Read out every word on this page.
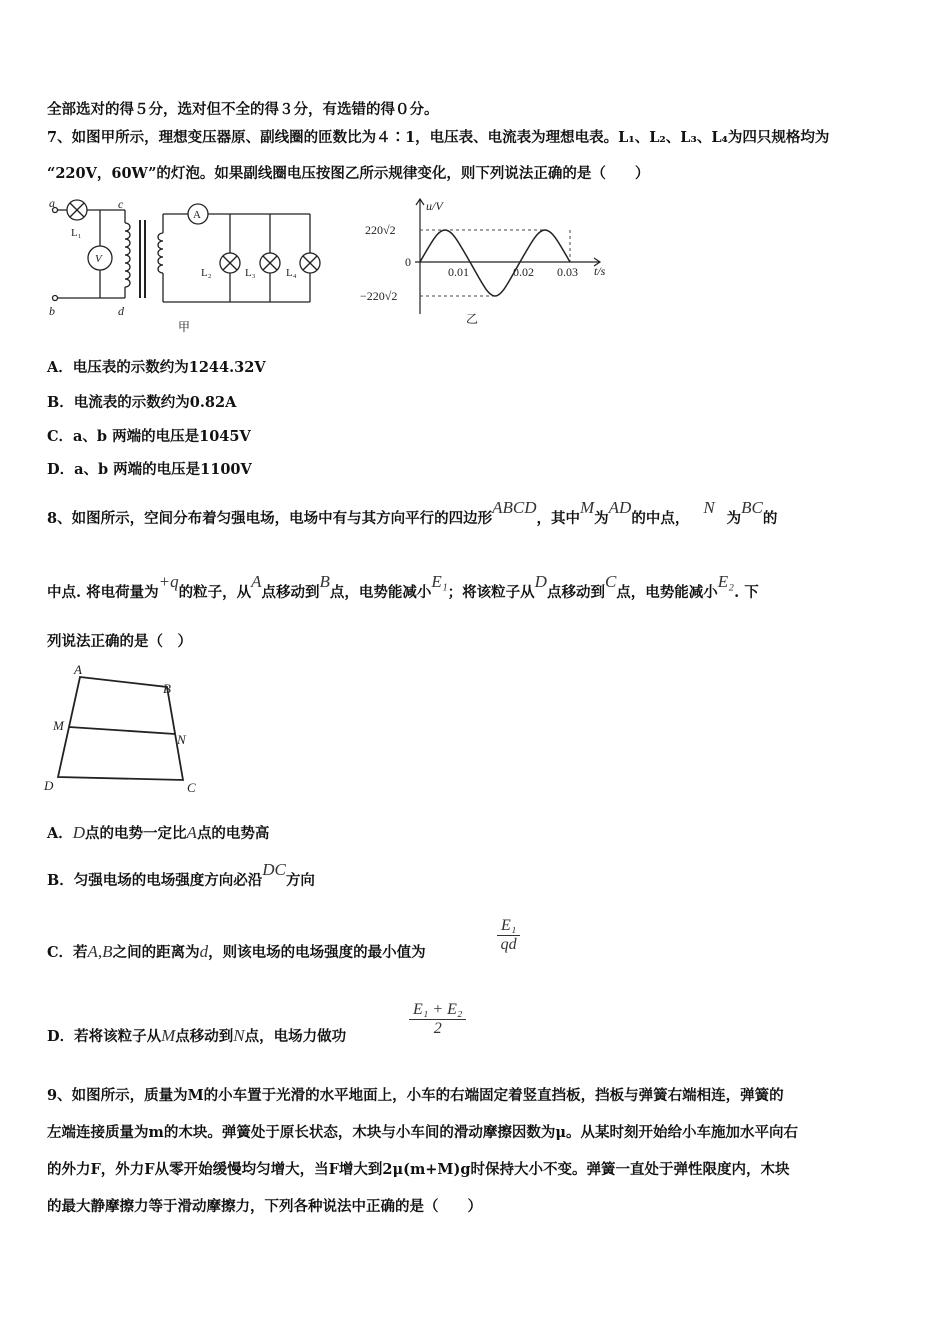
全部选对的得５分，选对但不全的得３分，有选错的得０分。
7、如图甲所示，理想变压器原、副线圈的匝数比为４∶1，电压表、电流表为理想电表。L₁、L₂、L₃、L₄为四只规格均为
“220V，60W”的灯泡。如果副线圈电压按图乙所示规律变化，则下列说法正确的是（　　）
a
b
c
d
L₁
L₂	L₃	L₄
V
A
甲
u/V
220√2
0
−220√2
0.01	0.02 0.03 t/s
乙
A．电压表的示数约为1244.32V
B．电流表的示数约为0.82A
C．a、b 两端的电压是1045V
D．a、b 两端的电压是1100V
8、如图所示，空间分布着匀强电场，电场中有与其方向平行的四边形ABCD，其中M为AD的中点，N为BC的
中点. 将电荷量为+q的粒子，从A点移动到B点，电势能减小E₁；将该粒子从D点移动到C点，电势能减小E₂. 下
列说法正确的是（　）
A
B
M
N
D	C
A．D点的电势一定比A点的电势高
B．匀强电场的电场强度方向必沿DC方向
C．若A,B之间的距离为d，则该电场的电场强度的最小值为	$\frac{\text{E₁}}{qd}$
D．若将该粒子从M点移动到N点，电场力做功	$\frac{\text{E₁ + E₂}}{2}$
9、如图所示，质量为M的小车置于光滑的水平地面上，小车的右端固定着竖直挡板，挡板与弹簧右端相连，弹簧的
左端连接质量为m的木块。弹簧处于原长状态，木块与小车间的滑动摩擦因数为μ。从某时刻开始给小车施加水平向右
的外力F，外力F从零开始缓慢均匀增大，当F增大到2μ(m+M)g时保持大小不变。弹簧一直处于弹性限度内，木块
的最大静摩擦力等于滑动摩擦力，下列各种说法中正确的是（　　）
